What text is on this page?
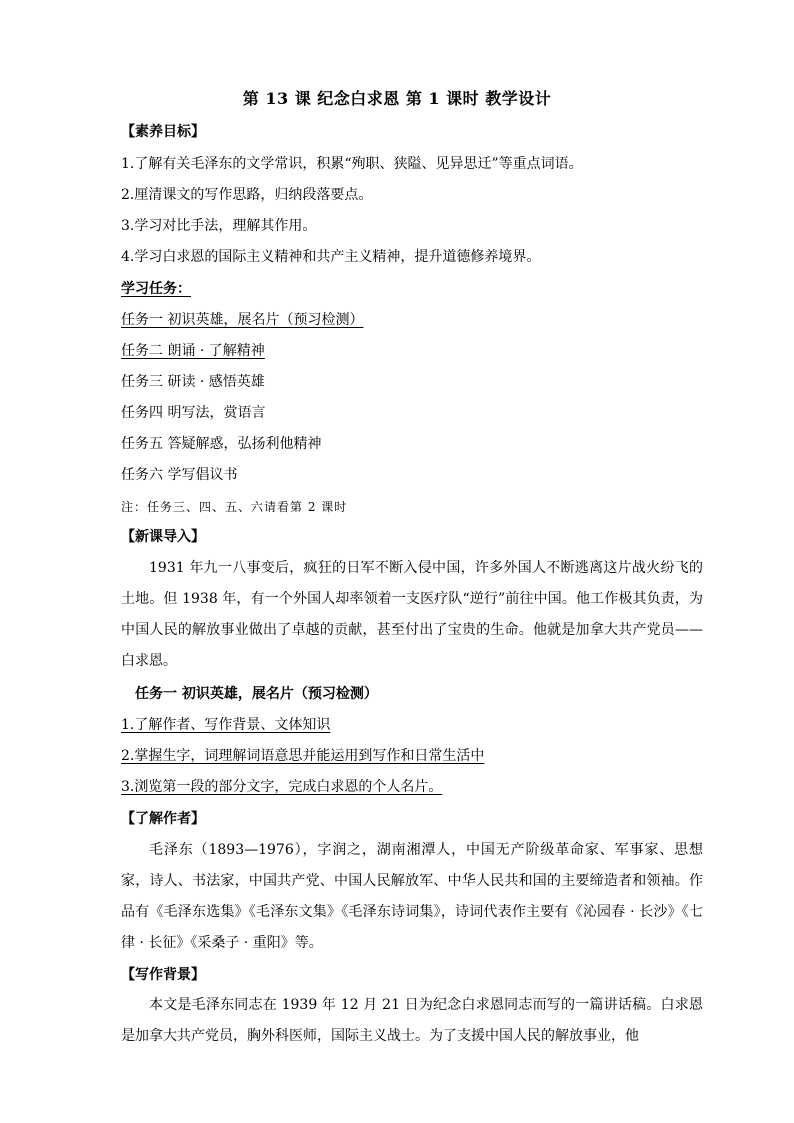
第 13 课 纪念白求恩 第 1 课时 教学设计
【素养目标】
1.了解有关毛泽东的文学常识，积累“殉职、狭隘、见异思迁”等重点词语。
2.厘清课文的写作思路，归纳段落要点。
3.学习对比手法，理解其作用。
4.学习白求恩的国际主义精神和共产主义精神，提升道德修养境界。
学习任务：
任务一 初识英雄，展名片（预习检测）
任务二 朗诵 · 了解精神
任务三 研读 · 感悟英雄
任务四 明写法，赏语言
任务五 答疑解惑，弘扬利他精神
任务六 学写倡议书
注：任务三、四、五、六请看第 2 课时
【新课导入】
1931 年九一八事变后，疯狂的日军不断入侵中国，许多外国人不断逃离这片战火纷飞的土地。但 1938 年，有一个外国人却率领着一支医疗队“逆行”前往中国。他工作极其负责，为中国人民的解放事业做出了卓越的贡献，甚至付出了宝贵的生命。他就是加拿大共产党员——白求恩。
任务一 初识英雄，展名片（预习检测）
1.了解作者、写作背景、文体知识
2.掌握生字，词理解词语意思并能运用到写作和日常生活中
3.浏览第一段的部分文字，完成白求恩的个人名片。
【了解作者】
毛泽东（1893—1976），字润之，湖南湘潭人，中国无产阶级革命家、军事家、思想家，诗人、书法家，中国共产党、中国人民解放军、中华人民共和国的主要缔造者和领袖。作品有《毛泽东选集》《毛泽东文集》《毛泽东诗词集》，诗词代表作主要有《沁园春 · 长沙》《七律 · 长征》《采桑子 · 重阳》等。
【写作背景】
本文是毛泽东同志在 1939 年 12 月 21 日为纪念白求恩同志而写的一篇讲话稿。白求恩是加拿大共产党员，胸外科医师，国际主义战士。为了支援中国人民的解放事业，他
